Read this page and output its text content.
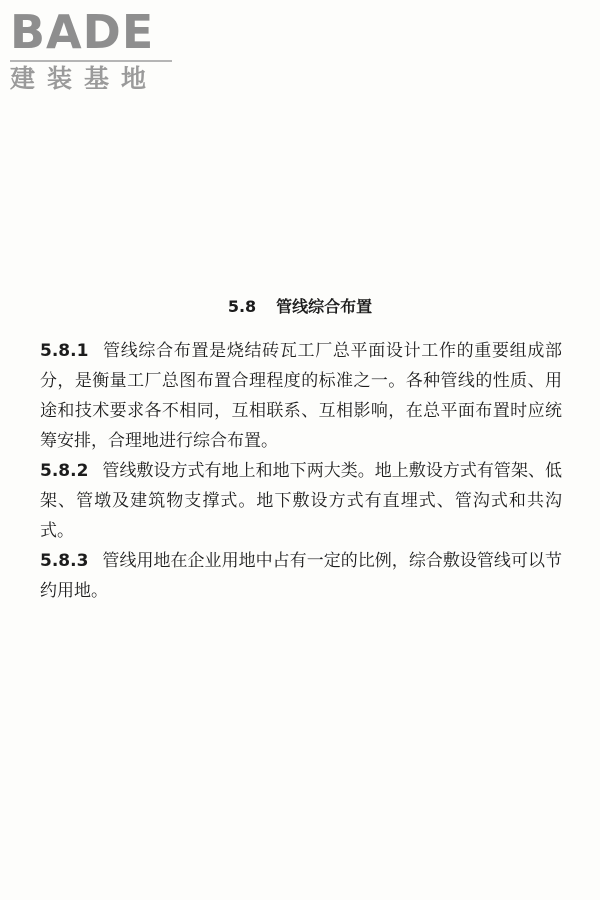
BADE
建装基地
5.8 管线综合布置

5.8.1 管线综合布置是烧结砖瓦工厂总平面设计工作的重要组成部分，是衡量工厂总图布置合理程度的标准之一。各种管线的性质、用途和技术要求各不相同，互相联系、互相影响，在总平面布置时应统筹安排，合理地进行综合布置。

5.8.2 管线敷设方式有地上和地下两大类。地上敷设方式有管架、低架、管墩及建筑物支撑式。地下敷设方式有直埋式、管沟式和共沟式。

5.8.3 管线用地在企业用地中占有一定的比例，综合敷设管线可以节约用地。
